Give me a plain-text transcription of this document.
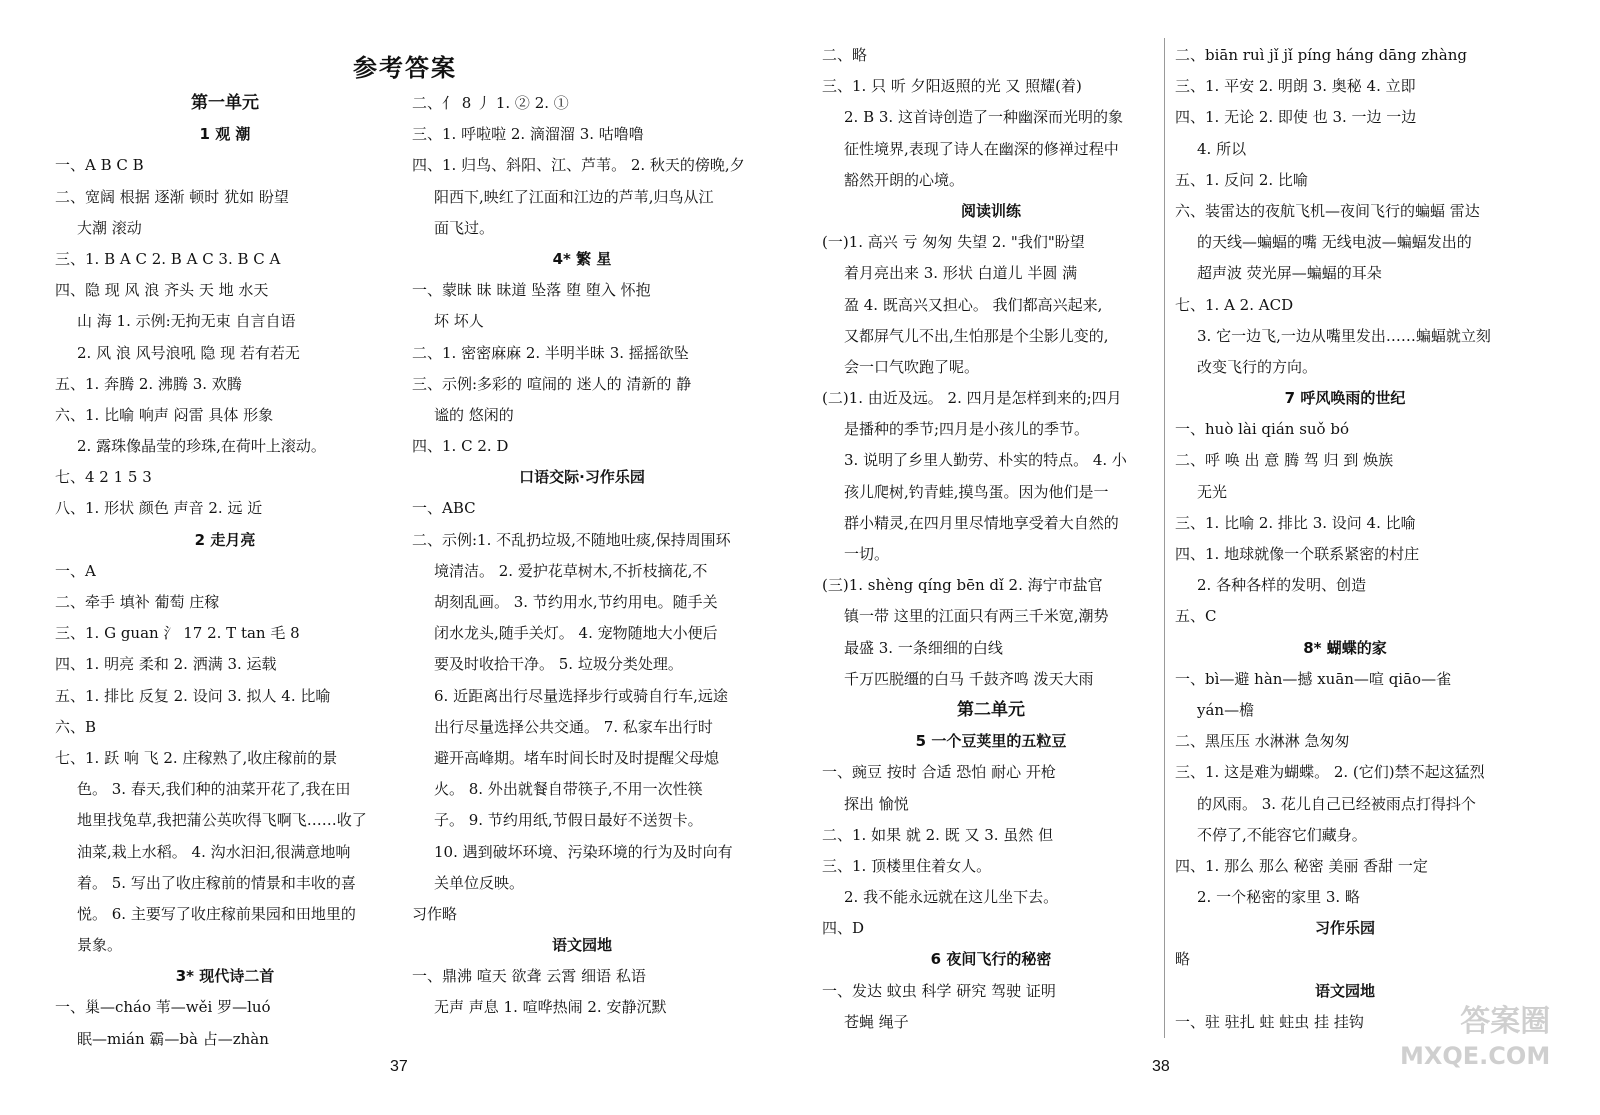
参考答案
第一单元
1 观 潮
一、A B C B
二、宽阔 根据 逐渐 顿时 犹如 盼望
大潮 滚动
三、1. B A C 2. B A C 3. B C A
四、隐 现 风 浪 齐头 天 地 水天
山 海 1. 示例:无拘无束 自言自语
2. 风 浪 风号浪吼 隐 现 若有若无
五、1. 奔腾 2. 沸腾 3. 欢腾
六、1. 比喻 响声 闷雷 具体 形象
2. 露珠像晶莹的珍珠,在荷叶上滚动。
七、4 2 1 5 3
八、1. 形状 颜色 声音 2. 远 近
2 走月亮
一、A
二、牵手 填补 葡萄 庄稼
三、1. G guan 氵 17 2. T tan 毛 8
四、1. 明亮 柔和 2. 洒满 3. 运载
五、1. 排比 反复 2. 设问 3. 拟人 4. 比喻
六、B
七、1. 跃 响 飞 2. 庄稼熟了,收庄稼前的景
色。 3. 春天,我们种的油菜开花了,我在田
地里找兔草,我把蒲公英吹得飞啊飞……收了
油菜,栽上水稻。 4. 沟水汩汩,很满意地响
着。 5. 写出了收庄稼前的情景和丰收的喜
悦。 6. 主要写了收庄稼前果园和田地里的
景象。
3* 现代诗二首
一、巢—cháo 苇—wěi 罗—luó
眠—mián 霸—bà 占—zhàn
二、亻 8 丿 1. ② 2. ①
三、1. 呼啦啦 2. 滴溜溜 3. 咕噜噜
四、1. 归鸟、斜阳、江、芦苇。 2. 秋天的傍晚,夕
阳西下,映红了江面和江边的芦苇,归鸟从江
面飞过。
4* 繁 星
一、蒙昧 昧 昧道 坠落 堕 堕入 怀抱
坏 坏人
二、1. 密密麻麻 2. 半明半昧 3. 摇摇欲坠
三、示例:多彩的 喧闹的 迷人的 清新的 静
谧的 悠闲的
四、1. C 2. D
口语交际·习作乐园
一、ABC
二、示例:1. 不乱扔垃圾,不随地吐痰,保持周围环
境清洁。 2. 爱护花草树木,不折枝摘花,不
胡刻乱画。 3. 节约用水,节约用电。随手关
闭水龙头,随手关灯。 4. 宠物随地大小便后
要及时收拾干净。 5. 垃圾分类处理。
6. 近距离出行尽量选择步行或骑自行车,远途
出行尽量选择公共交通。 7. 私家车出行时
避开高峰期。堵车时间长时及时提醒父母熄
火。 8. 外出就餐自带筷子,不用一次性筷
子。 9. 节约用纸,节假日最好不送贺卡。
10. 遇到破坏环境、污染环境的行为及时向有
关单位反映。
习作略
语文园地
一、鼎沸 喧天 欲聋 云霄 细语 私语
无声 声息 1. 喧哗热闹 2. 安静沉默
二、略
三、1. 只 听 夕阳返照的光 又 照耀(着)
2. B 3. 这首诗创造了一种幽深而光明的象
征性境界,表现了诗人在幽深的修禅过程中
豁然开朗的心境。
阅读训练
(一)1. 高兴 亏 匆匆 失望 2. "我们"盼望
着月亮出来 3. 形状 白道儿 半圆 满
盈 4. 既高兴又担心。 我们都高兴起来,
又都屏气儿不出,生怕那是个尘影儿变的,
会一口气吹跑了呢。
(二)1. 由近及远。 2. 四月是怎样到来的;四月
是播种的季节;四月是小孩儿的季节。
3. 说明了乡里人勤劳、朴实的特点。 4. 小
孩儿爬树,钓青蛙,摸鸟蛋。因为他们是一
群小精灵,在四月里尽情地享受着大自然的
一切。
(三)1. shèng qíng bēn dǐ 2. 海宁市盐官
镇一带 这里的江面只有两三千米宽,潮势
最盛 3. 一条细细的白线
千万匹脱缰的白马 千鼓齐鸣 泼天大雨
第二单元
5 一个豆荚里的五粒豆
一、豌豆 按时 合适 恐怕 耐心 开枪
探出 愉悦
二、1. 如果 就 2. 既 又 3. 虽然 但
三、1. 顶楼里住着女人。
2. 我不能永远就在这儿坐下去。
四、D
6 夜间飞行的秘密
一、发达 蚊虫 科学 研究 驾驶 证明
苍蝇 绳子
二、biān ruì jǐ jǐ píng háng dāng zhàng
三、1. 平安 2. 明朗 3. 奥秘 4. 立即
四、1. 无论 2. 即使 也 3. 一边 一边
4. 所以
五、1. 反问 2. 比喻
六、装雷达的夜航飞机—夜间飞行的蝙蝠 雷达
的天线—蝙蝠的嘴 无线电波—蝙蝠发出的
超声波 荧光屏—蝙蝠的耳朵
七、1. A 2. ACD
3. 它一边飞,一边从嘴里发出……蝙蝠就立刻
改变飞行的方向。
7 呼风唤雨的世纪
一、huò lài qián suǒ bó
二、呼 唤 出 意 腾 驾 归 到 焕族
无光
三、1. 比喻 2. 排比 3. 设问 4. 比喻
四、1. 地球就像一个联系紧密的村庄
2. 各种各样的发明、创造
五、C
8* 蝴蝶的家
一、bì—避 hàn—撼 xuān—喧 qiāo—雀
yán—檐
二、黑压压 水淋淋 急匆匆
三、1. 这是难为蝴蝶。 2. (它们)禁不起这猛烈
的风雨。 3. 花儿自己已经被雨点打得抖个
不停了,不能容它们藏身。
四、1. 那么 那么 秘密 美丽 香甜 一定
2. 一个秘密的家里 3. 略
习作乐园
略
语文园地
一、驻 驻扎 蛀 蛀虫 挂 挂钩
37	38
答案圈
MXQE.COM
